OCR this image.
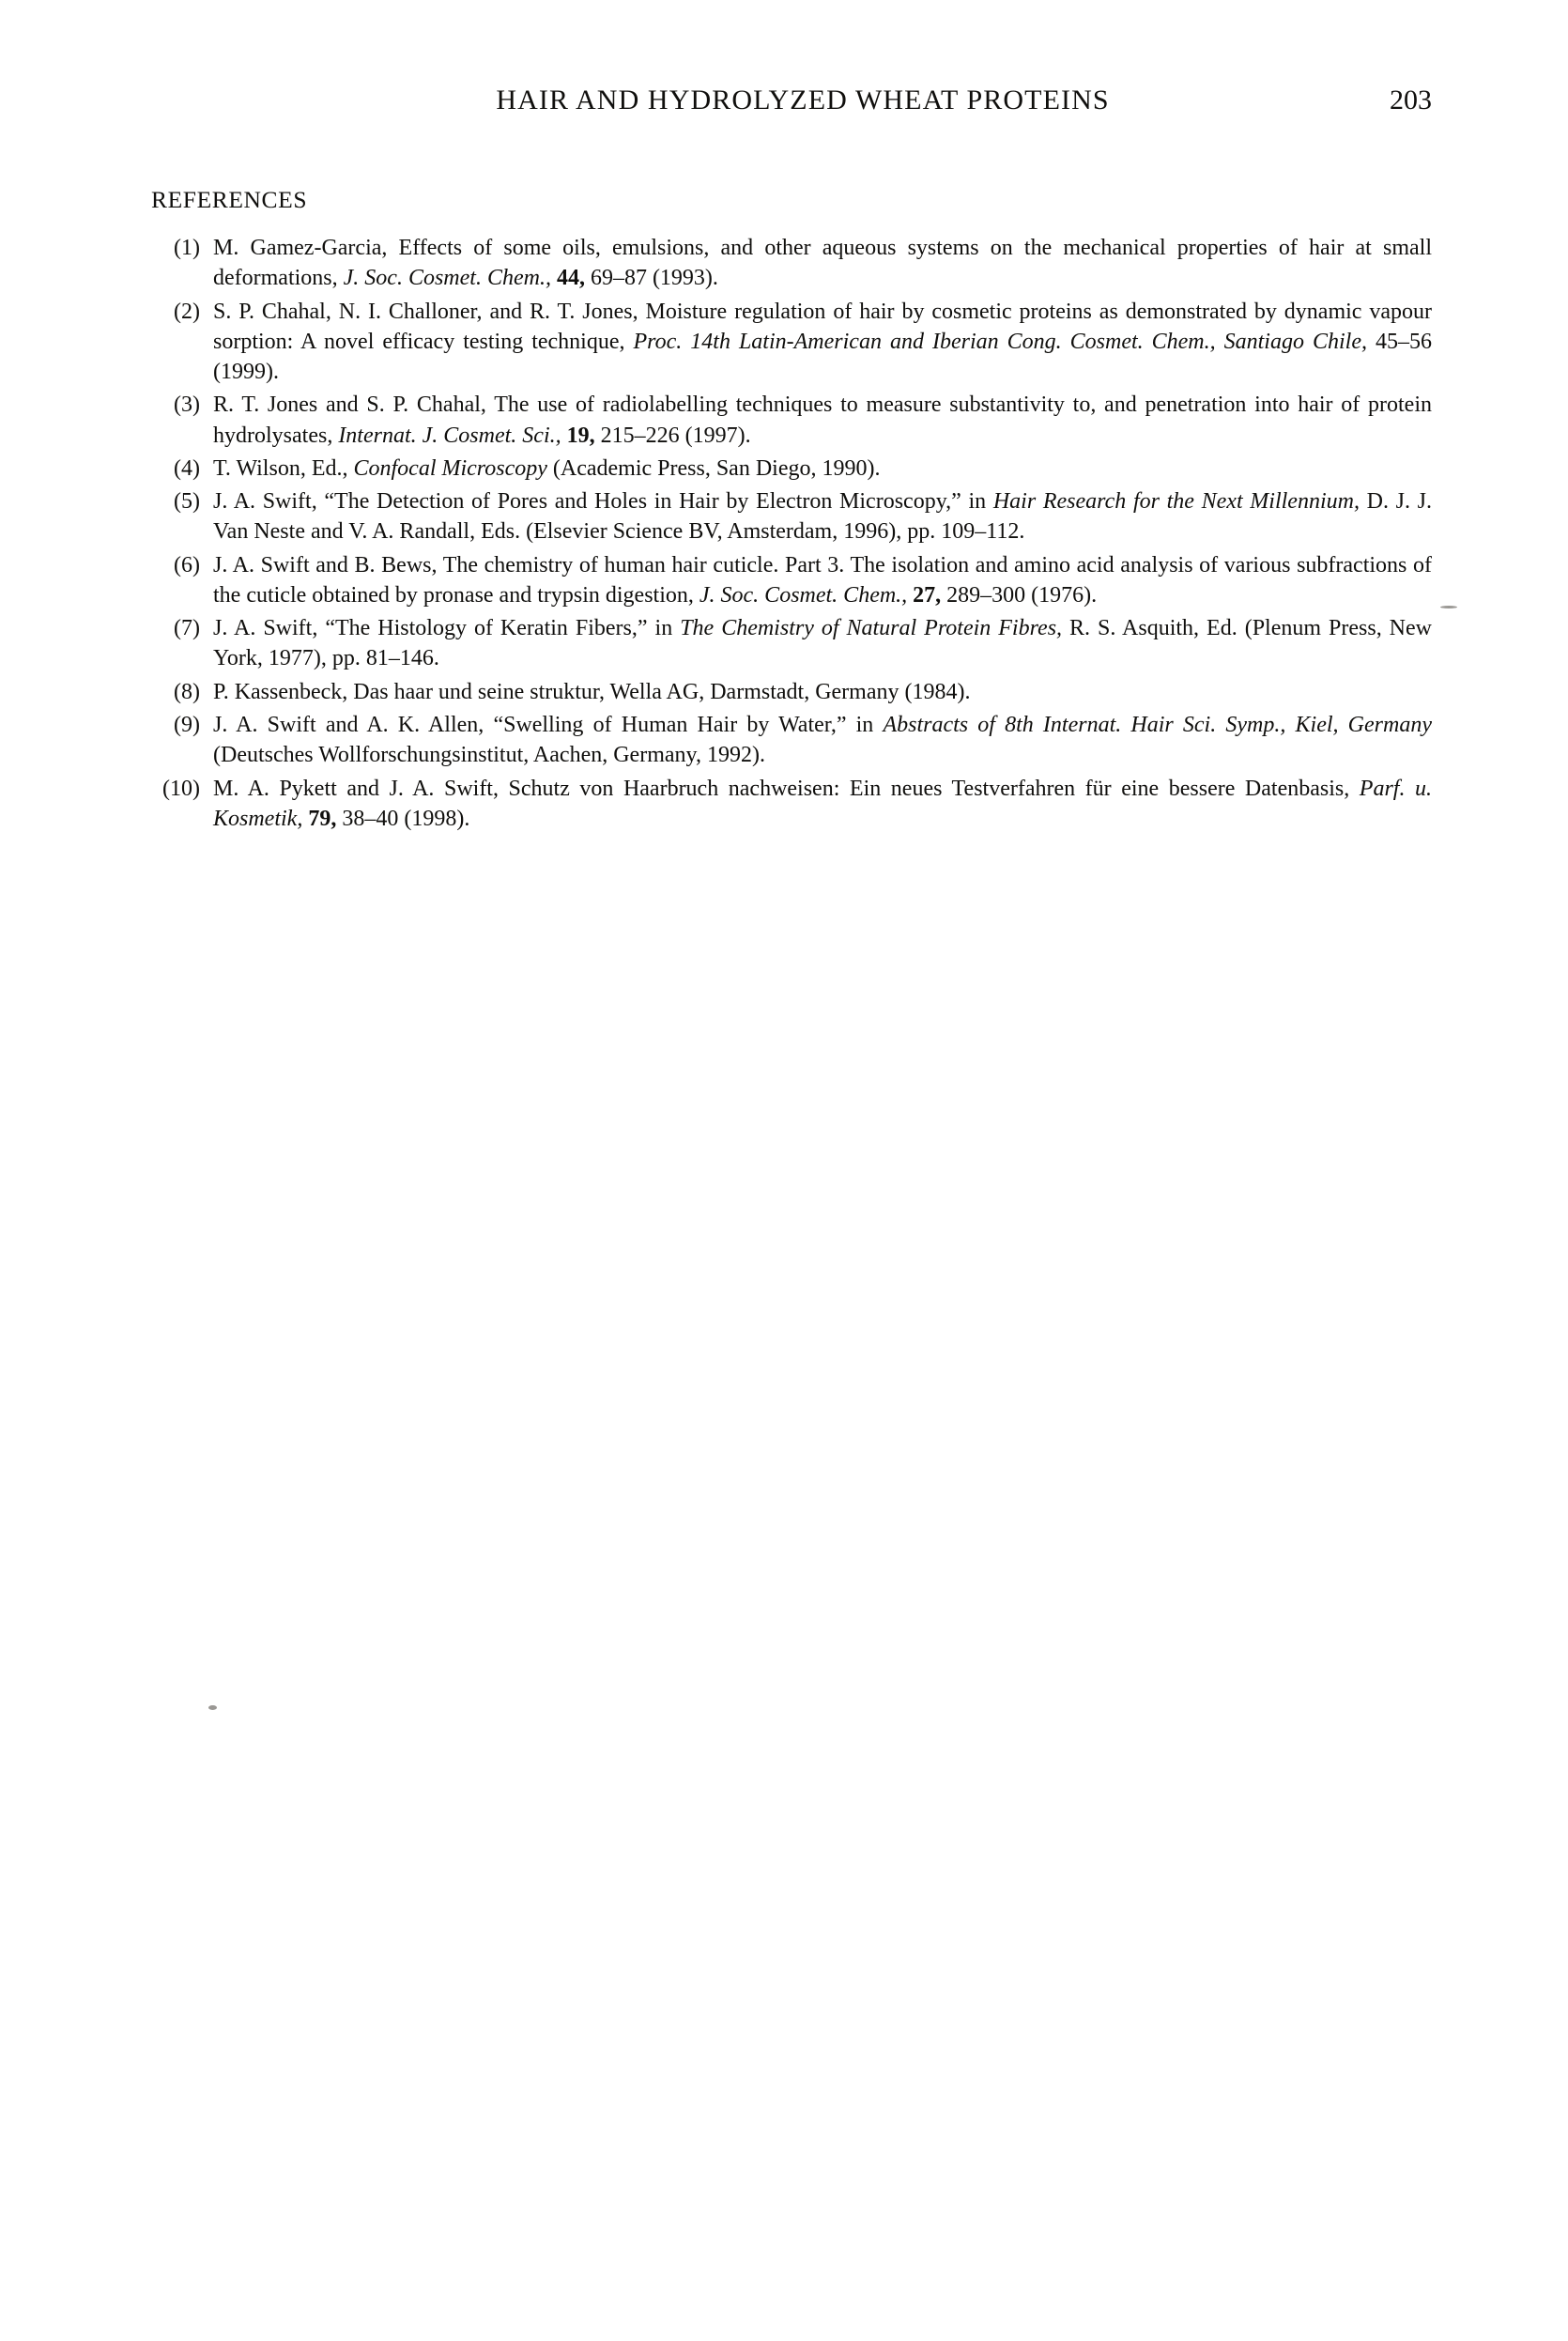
HAIR AND HYDROLYZED WHEAT PROTEINS	203
REFERENCES
(1) M. Gamez-Garcia, Effects of some oils, emulsions, and other aqueous systems on the mechanical properties of hair at small deformations, J. Soc. Cosmet. Chem., 44, 69–87 (1993).
(2) S. P. Chahal, N. I. Challoner, and R. T. Jones, Moisture regulation of hair by cosmetic proteins as demonstrated by dynamic vapour sorption: A novel efficacy testing technique, Proc. 14th Latin-American and Iberian Cong. Cosmet. Chem., Santiago Chile, 45–56 (1999).
(3) R. T. Jones and S. P. Chahal, The use of radiolabelling techniques to measure substantivity to, and penetration into hair of protein hydrolysates, Internat. J. Cosmet. Sci., 19, 215–226 (1997).
(4) T. Wilson, Ed., Confocal Microscopy (Academic Press, San Diego, 1990).
(5) J. A. Swift, “The Detection of Pores and Holes in Hair by Electron Microscopy,” in Hair Research for the Next Millennium, D. J. J. Van Neste and V. A. Randall, Eds. (Elsevier Science BV, Amsterdam, 1996), pp. 109–112.
(6) J. A. Swift and B. Bews, The chemistry of human hair cuticle. Part 3. The isolation and amino acid analysis of various subfractions of the cuticle obtained by pronase and trypsin digestion, J. Soc. Cosmet. Chem., 27, 289–300 (1976).
(7) J. A. Swift, “The Histology of Keratin Fibers,” in The Chemistry of Natural Protein Fibres, R. S. Asquith, Ed. (Plenum Press, New York, 1977), pp. 81–146.
(8) P. Kassenbeck, Das haar und seine struktur, Wella AG, Darmstadt, Germany (1984).
(9) J. A. Swift and A. K. Allen, “Swelling of Human Hair by Water,” in Abstracts of 8th Internat. Hair Sci. Symp., Kiel, Germany (Deutsches Wollforschungsinstitut, Aachen, Germany, 1992).
(10) M. A. Pykett and J. A. Swift, Schutz von Haarbruch nachweisen: Ein neues Testverfahren für eine bessere Datenbasis, Parf. u. Kosmetik, 79, 38–40 (1998).
